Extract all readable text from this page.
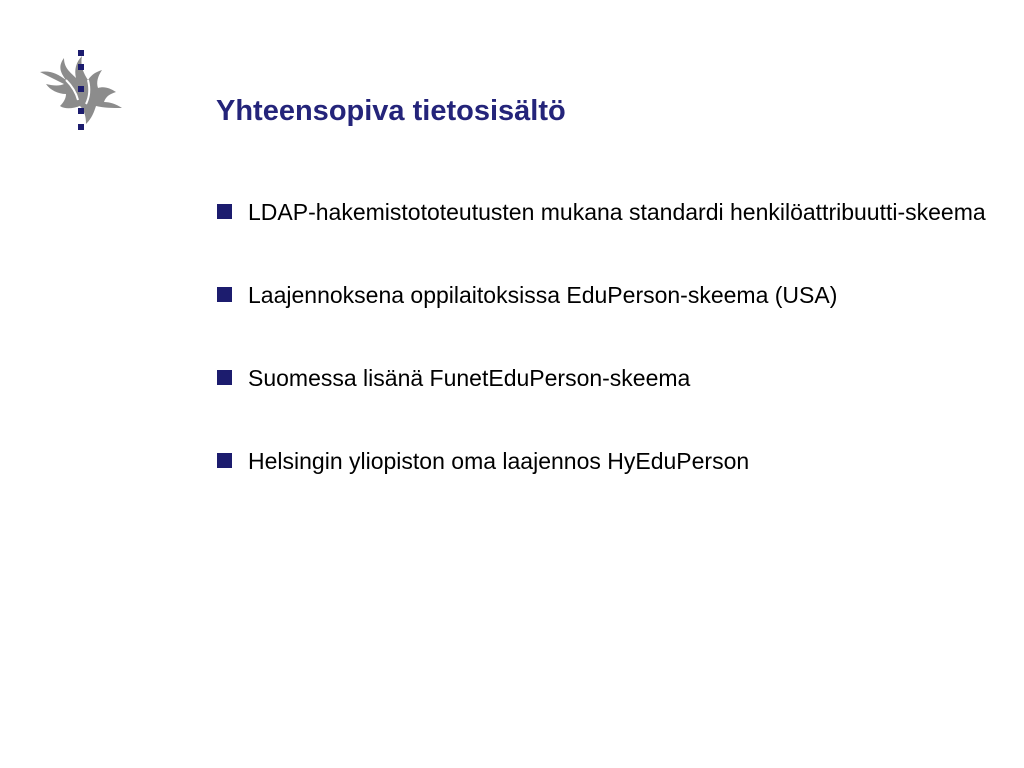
Yhteensopiva tietosisältö
LDAP-hakemistototeutusten mukana standardi henkilöattribuutti-skeema
Laajennoksena oppilaitoksissa EduPerson-skeema (USA)
Suomessa lisänä FunetEduPerson-skeema
Helsingin yliopiston oma laajennos HyEduPerson
